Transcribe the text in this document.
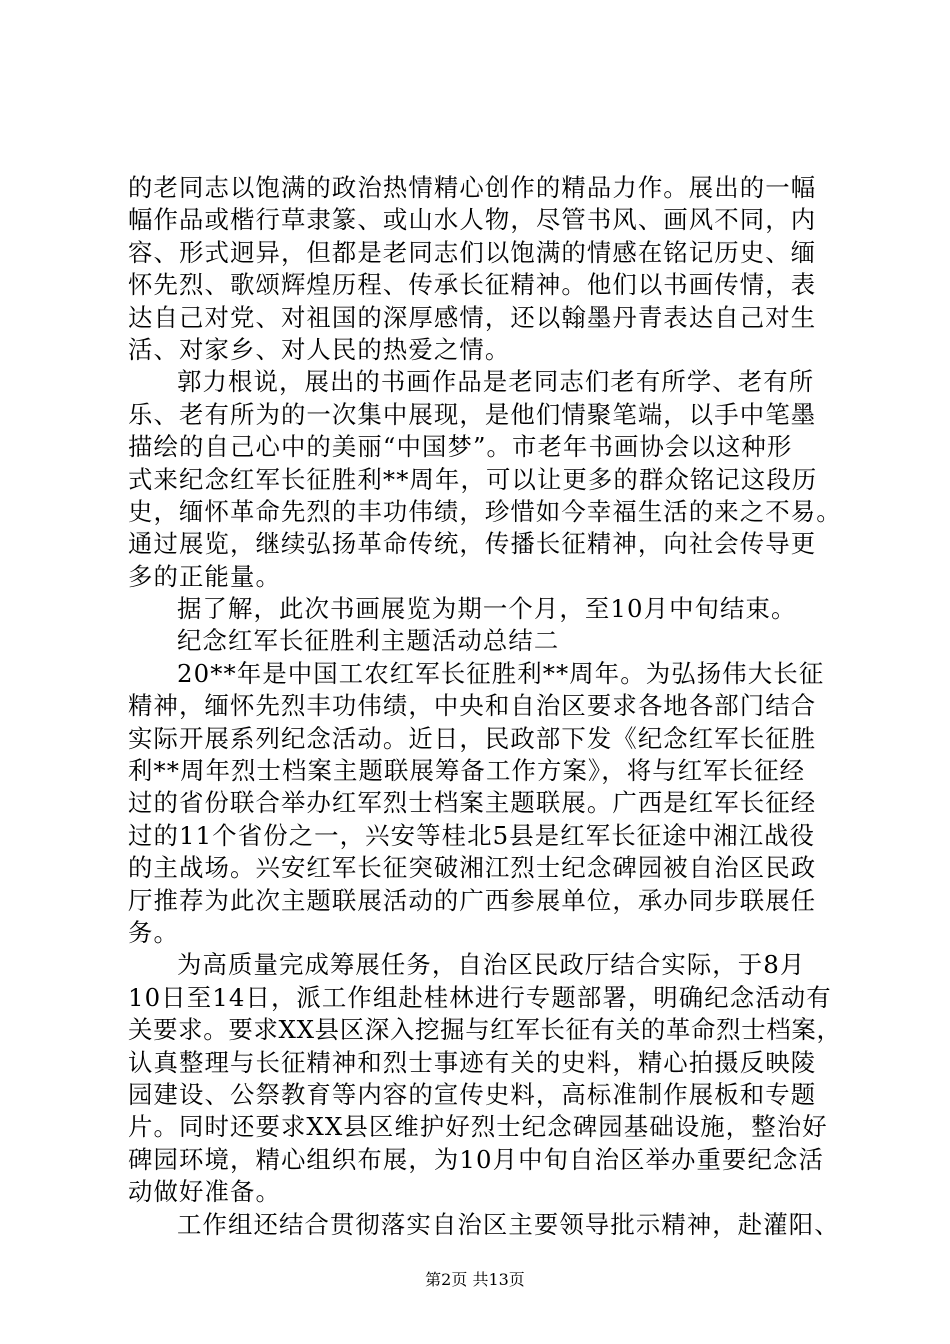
的老同志以饱满的政治热情精心创作的精品力作。展出的一幅
幅作品或楷行草隶篆、或山水人物，尽管书风、画风不同，内
容、形式迥异，但都是老同志们以饱满的情感在铭记历史、缅
怀先烈、歌颂辉煌历程、传承长征精神。他们以书画传情，表
达自己对党、对祖国的深厚感情，还以翰墨丹青表达自己对生
活、对家乡、对人民的热爱之情。
郭力根说，展出的书画作品是老同志们老有所学、老有所
乐、老有所为的一次集中展现，是他们情聚笔端，以手中笔墨
描绘的自己心中的美丽“中国梦”。市老年书画协会以这种形
式来纪念红军长征胜利**周年，可以让更多的群众铭记这段历
史，缅怀革命先烈的丰功伟绩，珍惜如今幸福生活的来之不易。
通过展览，继续弘扬革命传统，传播长征精神，向社会传导更
多的正能量。
据了解，此次书画展览为期一个月，至10月中旬结束。
纪念红军长征胜利主题活动总结二
20**年是中国工农红军长征胜利**周年。为弘扬伟大长征
精神，缅怀先烈丰功伟绩，中央和自治区要求各地各部门结合
实际开展系列纪念活动。近日，民政部下发《纪念红军长征胜
利**周年烈士档案主题联展筹备工作方案》，将与红军长征经
过的省份联合举办红军烈士档案主题联展。广西是红军长征经
过的11个省份之一，兴安等桂北5县是红军长征途中湘江战役
的主战场。兴安红军长征突破湘江烈士纪念碑园被自治区民政
厅推荐为此次主题联展活动的广西参展单位，承办同步联展任
务。
为高质量完成筹展任务，自治区民政厅结合实际，于8月
10日至14日，派工作组赴桂林进行专题部署，明确纪念活动有
关要求。要求XX县区深入挖掘与红军长征有关的革命烈士档案，
认真整理与长征精神和烈士事迹有关的史料，精心拍摄反映陵
园建设、公祭教育等内容的宣传史料，高标准制作展板和专题
片。同时还要求XX县区维护好烈士纪念碑园基础设施，整治好
碑园环境，精心组织布展，为10月中旬自治区举办重要纪念活
动做好准备。
工作组还结合贯彻落实自治区主要领导批示精神，赴灌阳、
第2页 共13页
